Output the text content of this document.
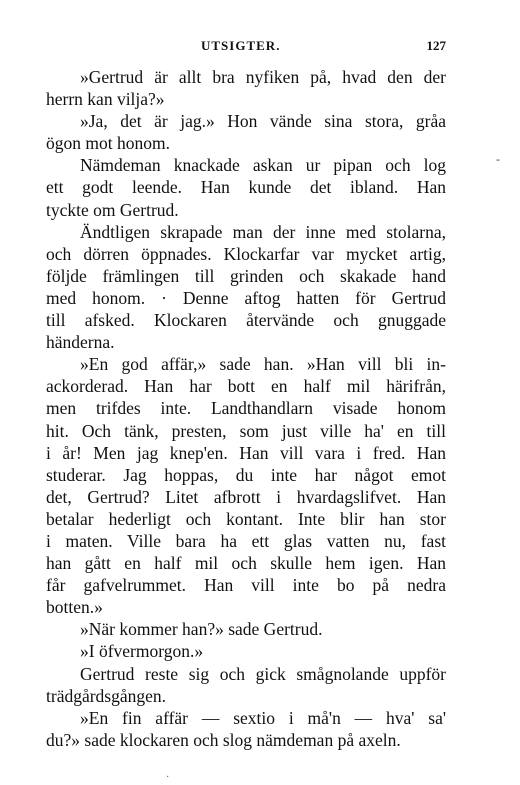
UTSIGTER.	127
»Gertrud är allt bra nyfiken på, hvad den der
herrn kan vilja?»
»Ja, det är jag.» Hon vände sina stora, gråa
ögon mot honom.
Nämdeman knackade askan ur pipan och log
ett godt leende. Han kunde det ibland. Han
tyckte om Gertrud.
Ändtligen skrapade man der inne med stolarna,
och dörren öppnades. Klockarfar var mycket artig,
följde främlingen till grinden och skakade hand
med honom. · Denne aftog hatten för Gertrud
till afsked. Klockaren återvände och gnuggade
händerna.
»En god affär,» sade han. »Han vill bli in-
ackorderad. Han har bott en half mil härifrån,
men trifdes inte. Landthandlarn visade honom
hit. Och tänk, presten, som just ville ha' en till
i år! Men jag knep'en. Han vill vara i fred. Han
studerar. Jag hoppas, du inte har något emot
det, Gertrud? Litet afbrott i hvardagslifvet. Han
betalar hederligt och kontant. Inte blir han stor
i maten. Ville bara ha ett glas vatten nu, fast
han gått en half mil och skulle hem igen. Han
får gafvelrummet. Han vill inte bo på nedra
botten.»
»När kommer han?» sade Gertrud.
»I öfvermorgon.»
Gertrud reste sig och gick smågnolande uppför
trädgårdsgången.
»En fin affär — sextio i må'n — hva' sa'
du?» sade klockaren och slog nämdeman på axeln.
-
·
